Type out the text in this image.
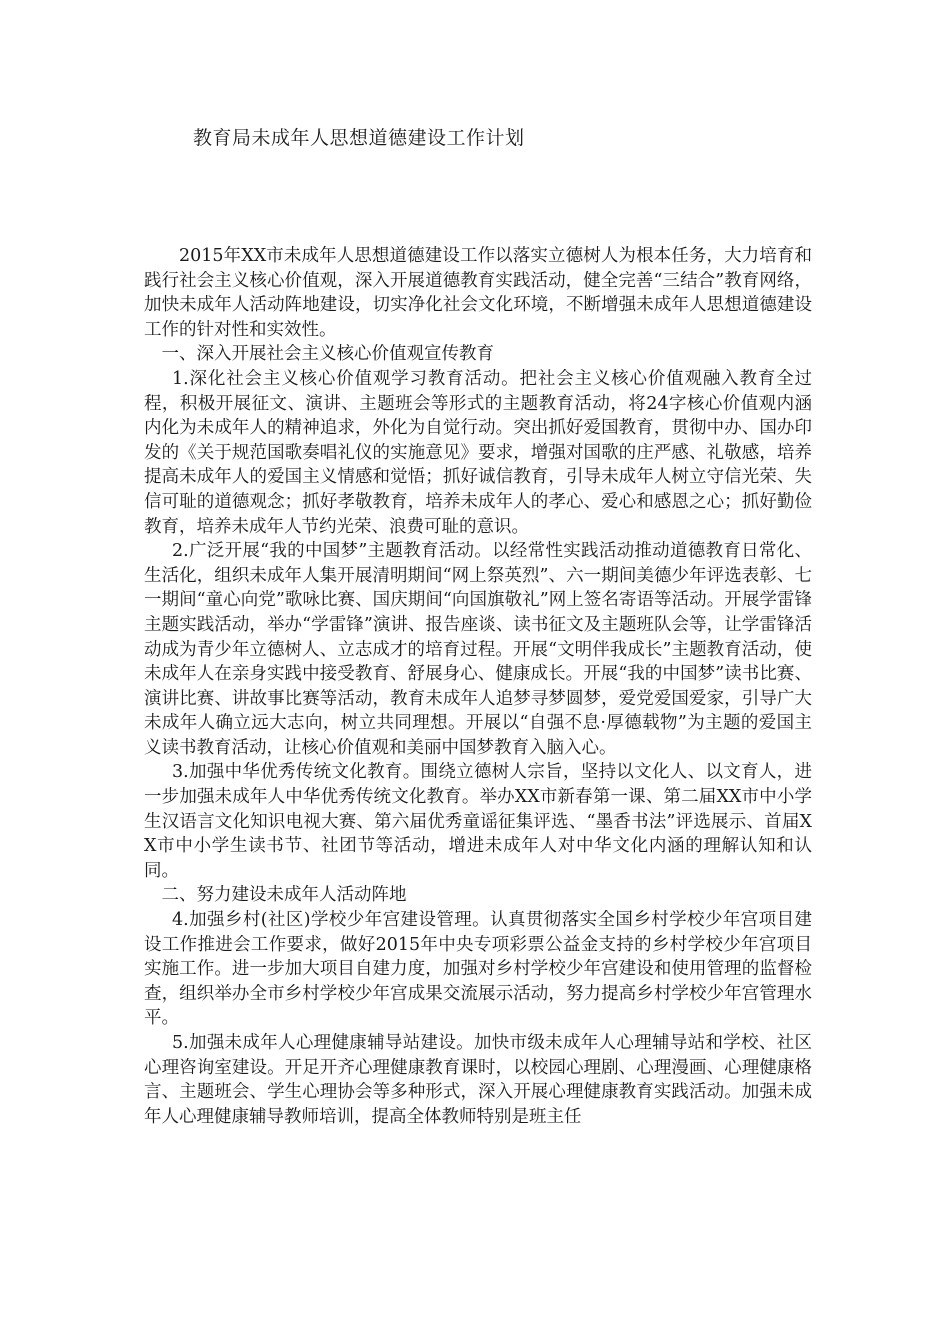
教育局未成年人思想道德建设工作计划

2015年XX市未成年人思想道德建设工作以落实立德树人为根本任务，大力培育和践行社会主义核心价值观，深入开展道德教育实践活动，健全完善“三结合”教育网络，加快未成年人活动阵地建设，切实净化社会文化环境，不断增强未成年人思想道德建设工作的针对性和实效性。

一、深入开展社会主义核心价值观宣传教育

1.深化社会主义核心价值观学习教育活动。把社会主义核心价值观融入教育全过程，积极开展征文、演讲、主题班会等形式的主题教育活动，将24字核心价值观内涵内化为未成年人的精神追求，外化为自觉行动。突出抓好爱国教育，贯彻中办、国办印发的《关于规范国歌奏唱礼仪的实施意见》要求，增强对国歌的庄严感、礼敬感，培养提高未成年人的爱国主义情感和觉悟；抓好诚信教育，引导未成年人树立守信光荣、失信可耻的道德观念；抓好孝敬教育，培养未成年人的孝心、爱心和感恩之心；抓好勤俭教育，培养未成年人节约光荣、浪费可耻的意识。

2.广泛开展“我的中国梦”主题教育活动。以经常性实践活动推动道德教育日常化、生活化，组织未成年人集开展清明期间“网上祭英烈”、六一期间美德少年评选表彰、七一期间“童心向党”歌咏比赛、国庆期间“向国旗敬礼”网上签名寄语等活动。开展学雷锋主题实践活动，举办“学雷锋”演讲、报告座谈、读书征文及主题班队会等，让学雷锋活动成为青少年立德树人、立志成才的培育过程。开展“文明伴我成长”主题教育活动，使未成年人在亲身实践中接受教育、舒展身心、健康成长。开展“我的中国梦”读书比赛、演讲比赛、讲故事比赛等活动，教育未成年人追梦寻梦圆梦，爱党爱国爱家，引导广大未成年人确立远大志向，树立共同理想。开展以“自强不息·厚德载物”为主题的爱国主义读书教育活动，让核心价值观和美丽中国梦教育入脑入心。

3.加强中华优秀传统文化教育。围绕立德树人宗旨，坚持以文化人、以文育人，进一步加强未成年人中华优秀传统文化教育。举办XX市新春第一课、第二届XX市中小学生汉语言文化知识电视大赛、第六届优秀童谣征集评选、“墨香书法”评选展示、首届XX市中小学生读书节、社团节等活动，增进未成年人对中华文化内涵的理解认知和认同。

二、努力建设未成年人活动阵地

4.加强乡村(社区)学校少年宫建设管理。认真贯彻落实全国乡村学校少年宫项目建设工作推进会工作要求，做好2015年中央专项彩票公益金支持的乡村学校少年宫项目实施工作。进一步加大项目自建力度，加强对乡村学校少年宫建设和使用管理的监督检查，组织举办全市乡村学校少年宫成果交流展示活动，努力提高乡村学校少年宫管理水平。

5.加强未成年人心理健康辅导站建设。加快市级未成年人心理辅导站和学校、社区心理咨询室建设。开足开齐心理健康教育课时，以校园心理剧、心理漫画、心理健康格言、主题班会、学生心理协会等多种形式，深入开展心理健康教育实践活动。加强未成年人心理健康辅导教师培训，提高全体教师特别是班主任
